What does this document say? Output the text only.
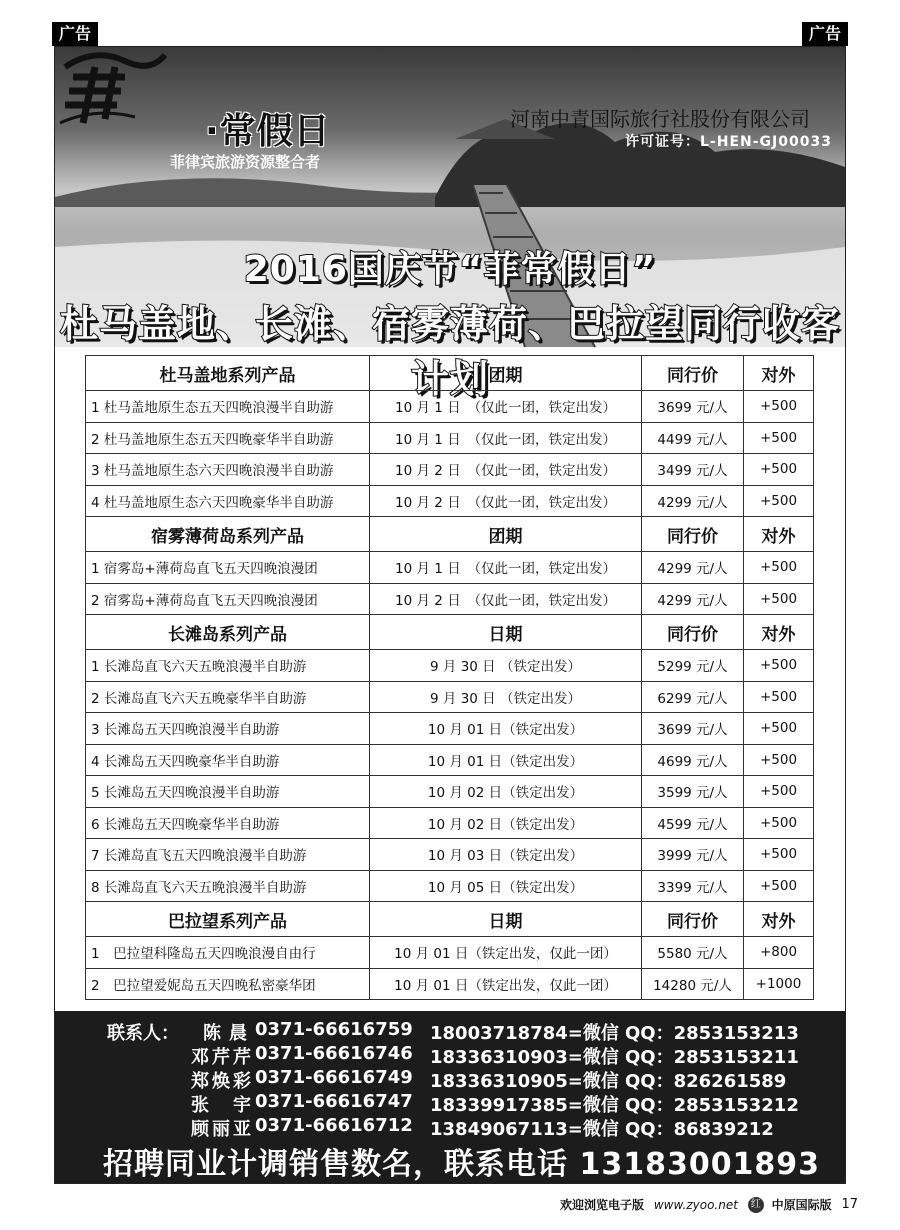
广告	广告
·常假日
菲律宾旅游资源整合者
河南中青国际旅行社股份有限公司
许可证号：L-HEN-GJ00033
2016国庆节“菲常假日”
杜马盖地、长滩、宿雾薄荷、巴拉望同行收客计划
杜马盖地系列产品	团期	同行价	对外
1 杜马盖地原生态五天四晚浪漫半自助游	10 月 1 日　（仅此一团，铁定出发）	3699 元/人	+500
2 杜马盖地原生态五天四晚豪华半自助游	10 月 1 日　（仅此一团，铁定出发）	4499 元/人	+500
3 杜马盖地原生态六天四晚浪漫半自助游	10 月 2 日　（仅此一团，铁定出发）	3499 元/人	+500
4 杜马盖地原生态六天四晚豪华半自助游	10 月 2 日　（仅此一团，铁定出发）	4299 元/人	+500
宿雾薄荷岛系列产品	团期	同行价	对外
1 宿雾岛+薄荷岛直飞五天四晚浪漫团	10 月 1 日　（仅此一团，铁定出发）	4299 元/人	+500
2 宿雾岛+薄荷岛直飞五天四晚浪漫团	10 月 2 日　（仅此一团，铁定出发）	4299 元/人	+500
长滩岛系列产品	日期	同行价	对外
1 长滩岛直飞六天五晚浪漫半自助游	9 月 30 日 （铁定出发）	5299 元/人	+500
2 长滩岛直飞六天五晚豪华半自助游	9 月 30 日 （铁定出发）	6299 元/人	+500
3 长滩岛五天四晚浪漫半自助游	10 月 01 日（铁定出发）	3699 元/人	+500
4 长滩岛五天四晚豪华半自助游	10 月 01 日（铁定出发）	4699 元/人	+500
5 长滩岛五天四晚浪漫半自助游	10 月 02 日（铁定出发）	3599 元/人	+500
6 长滩岛五天四晚豪华半自助游	10 月 02 日（铁定出发）	4599 元/人	+500
7 长滩岛直飞五天四晚浪漫半自助游	10 月 03 日（铁定出发）	3999 元/人	+500
8 长滩岛直飞六天五晚浪漫半自助游	10 月 05 日（铁定出发）	3399 元/人	+500
巴拉望系列产品	日期	同行价	对外
1　巴拉望科隆岛五天四晚浪漫自由行	10 月 01 日（铁定出发，仅此一团）	5580 元/人	+800
2　巴拉望爱妮岛五天四晚私密豪华团	10 月 01 日（铁定出发，仅此一团）	14280 元/人	+1000
联系人： 陈晨 0371-66616759 18003718784=微信 QQ：2853153213
邓芹芹 0371-66616746 18336310903=微信 QQ：2853153211
郑焕彩 0371-66616749 18336310905=微信 QQ：826261589
张宇 0371-66616747 18339917385=微信 QQ：2853153212
顾丽亚 0371-66616712 13849067113=微信 QQ：86839212
招聘同业计调销售数名，联系电话 13183001893
欢迎浏览电子版 www.zyoo.net 红 中原国际版 17
